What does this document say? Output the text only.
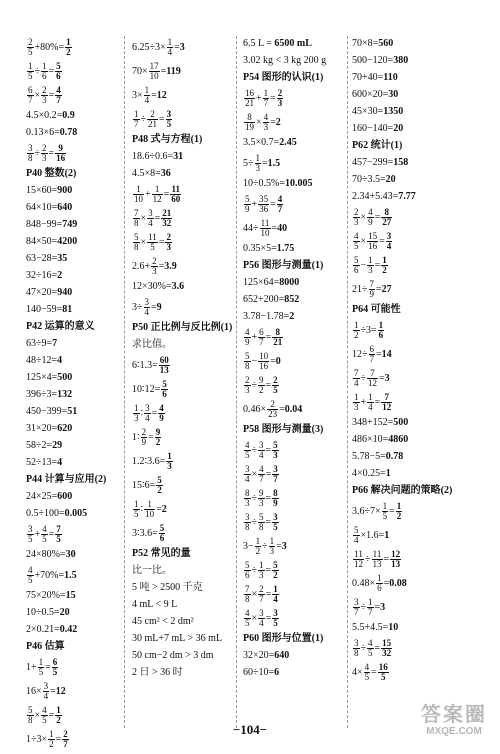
$\frac{2}{5} +80\%= \frac{1}{2}$
$\frac{1}{5} \div \frac{1}{6} = \frac{5}{6}$
$\frac{6}{7} \times \frac{2}{3} = \frac{4}{7}$
4.5×0.2=0.9
0.13×6=0.78
$\frac{3}{8} \div \frac{2}{3} = \frac{9}{16}$
P40 整数(2)
15×60=900
64×10=640
848−99=749
84×50=4200
63−28=35
32÷16=2
47×20=940
140−59=81
P42 运算的意义
63÷9=7
48÷12=4
125×4=500
396÷3=132
450−399=51
31×20=620
58÷2=29
52÷13=4
P44 计算与应用(2)
24×25=600
0.5÷100=0.005
$\frac{3}{5} + \frac{4}{5} = \frac{7}{5}$
24×80%=30
$\frac{4}{5} +70\%=1.5$
75×20%=15
10÷0.5=20
2×0.21=0.42
P46 估算
$1+ \frac{1}{5} = \frac{6}{5}$
$16\times \frac{3}{4} =12$
$\frac{5}{8} \times \frac{4}{5} = \frac{1}{2}$
$1\div 3\times \frac{1}{2} = \frac{2}{7}$
$6.25\div 3\times \frac{1}{4} =3$
$70\times \frac{17}{10} =119$
$3\times \frac{1}{4} =12$
$\frac{1}{7} \div \frac{2}{21} = \frac{3}{5}$
P48 式与方程(1)
18.6÷0.6=31
4.5×8=36
$\frac{1}{10} + \frac{1}{12} = \frac{11}{60}$
$\frac{7}{8} \times \frac{3}{4} = \frac{21}{32}$
$\frac{5}{8} \times \frac{11}{5} = \frac{2}{3}$
$2.6+ \frac{2}{3} =3.9$
12×30%=3.6
$3\div \frac{3}{4} =9$
P50 正比例与反比例(1)
求比值。
6∶1.3= $\frac{60}{13}$
10∶12= $\frac{5}{6}$
$\frac{1}{3}$ ∶ $\frac{3}{4} = \frac{4}{9}$
1∶ $\frac{2}{9} = \frac{9}{2}$
1.2∶3.6= $\frac{1}{3}$
15∶6= $\frac{5}{2}$
$\frac{1}{5}$ ∶ $\frac{1}{10} =2$
3∶3.6= $\frac{5}{6}$
P52 常见的量
比一比。
5 吨 > 2500 千克
4 mL < 9 L
45 cm² < 2 dm²
30 mL+7 mL > 36 mL
50 cm−2 dm > 3 dm
2 日 > 36 时
6.5 L = 6500 mL
3.02 kg < 3 kg 200 g
P54 图形的认识(1)
$\frac{16}{21} + \frac{1}{7} = \frac{2}{3}$
$\frac{8}{19} \times \frac{4}{3} =2$
3.5×0.7=2.45
$5\div \frac{1}{3} =1.5$
10÷0.5%=10.005
$\frac{5}{9} + \frac{35}{36} = \frac{4}{7}$
$44\div \frac{11}{10} =40$
0.35×5=1.75
P56 图形与测量(1)
125×64=8000
652+200=852
3.78−1.78=2
$\frac{4}{9} + \frac{6}{7} = \frac{8}{21}$
$\frac{5}{8} - \frac{10}{16} =0$
$\frac{2}{3} \div \frac{9}{2} = \frac{2}{5}$
$0.46\times \frac{2}{23} =0.04$
P58 图形与测量(3)
$\frac{4}{5} \div \frac{3}{4} = \frac{5}{3}$
$\frac{3}{4} \times \frac{4}{7} = \frac{3}{7}$
$\frac{8}{3} \div \frac{9}{3} = \frac{8}{9}$
$\frac{3}{8} \div \frac{5}{8} = \frac{3}{5}$
$3- \frac{1}{2} \div \frac{1}{3} =3$
$\frac{5}{6} \div \frac{1}{3} = \frac{5}{2}$
$\frac{7}{8} \times \frac{2}{7} = \frac{1}{4}$
$\frac{4}{5} \times \frac{3}{4} = \frac{3}{5}$
P60 图形与位置(1)
32×20=640
60÷10=6
70×8=560
500−120=380
70+40=110
600×20=30
45×30=1350
160−140=20
P62 统计(1)
457−299=158
70÷3.5=20
2.34+5.43=7.77
$\frac{2}{3} \times \frac{4}{9} = \frac{8}{27}$
$\frac{4}{5} \times \frac{15}{16} = \frac{3}{4}$
$\frac{5}{6} - \frac{1}{3} = \frac{1}{2}$
$21\div \frac{7}{9} =27$
P64 可能性
$\frac{1}{2} \div 3= \frac{1}{6}$
$12\div \frac{6}{7} =14$
$\frac{7}{4} \div \frac{7}{12} =3$
$\frac{1}{3} + \frac{1}{4} = \frac{7}{12}$
348+152=500
486×10=4860
5.78−5=0.78
4×0.25=1
P66 解决问题的策略(2)
$3.6\div 7\times \frac{1}{5} = \frac{1}{2}$
$\frac{5}{4} \times 1.6=1$
$\frac{11}{12} \div \frac{11}{13} = \frac{12}{13}$
$0.48\times \frac{1}{6} =0.08$
$\frac{3}{7} \div \frac{1}{7} =3$
5.5+4.5=10
$\frac{3}{8} \div \frac{4}{5} = \frac{15}{32}$
$4\times \frac{4}{5} = \frac{16}{5}$
−104−
答案圈
MXQE.COM
